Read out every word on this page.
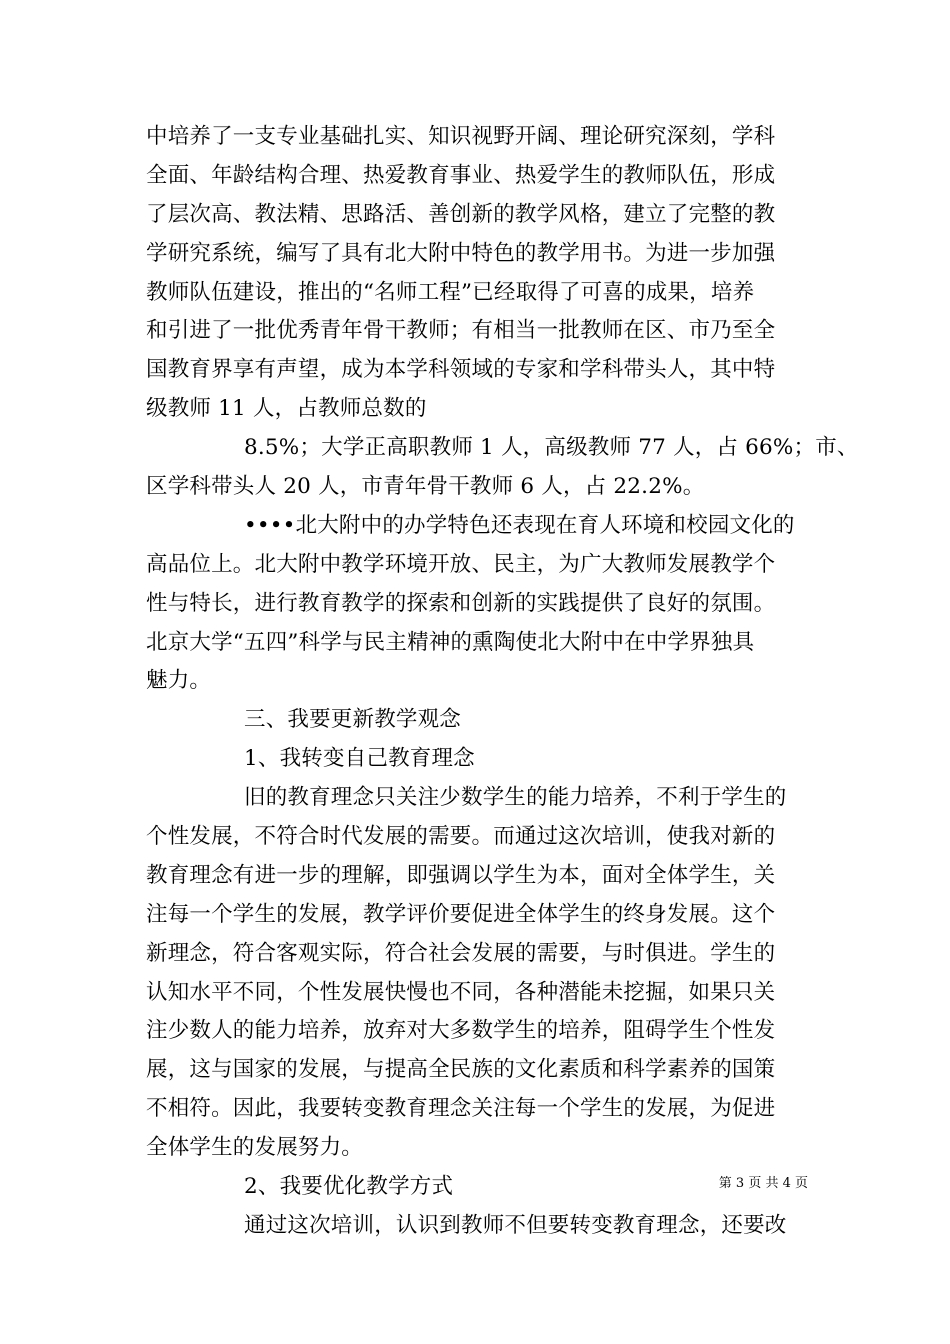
中培养了一支专业基础扎实、知识视野开阔、理论研究深刻，学科
全面、年龄结构合理、热爱教育事业、热爱学生的教师队伍，形成
了层次高、教法精、思路活、善创新的教学风格，建立了完整的教
学研究系统，编写了具有北大附中特色的教学用书。为进一步加强
教师队伍建设，推出的“名师工程”已经取得了可喜的成果，培养
和引进了一批优秀青年骨干教师；有相当一批教师在区、市乃至全
国教育界享有声望，成为本学科领域的专家和学科带头人，其中特
级教师 11 人，占教师总数的
8.5%；大学正高职教师 1 人，高级教师 77 人，占 66%；市、
区学科带头人 20 人，市青年骨干教师 6 人，占 22.2%。
••••北大附中的办学特色还表现在育人环境和校园文化的
高品位上。北大附中教学环境开放、民主，为广大教师发展教学个
性与特长，进行教育教学的探索和创新的实践提供了良好的氛围。
北京大学“五四”科学与民主精神的熏陶使北大附中在中学界独具
魅力。
三、我要更新教学观念
1、我转变自己教育理念
旧的教育理念只关注少数学生的能力培养，不利于学生的
个性发展，不符合时代发展的需要。而通过这次培训，使我对新的
教育理念有进一步的理解，即强调以学生为本，面对全体学生，关
注每一个学生的发展，教学评价要促进全体学生的终身发展。这个
新理念，符合客观实际，符合社会发展的需要，与时俱进。学生的
认知水平不同，个性发展快慢也不同，各种潜能未挖掘，如果只关
注少数人的能力培养，放弃对大多数学生的培养，阻碍学生个性发
展，这与国家的发展，与提高全民族的文化素质和科学素养的国策
不相符。因此，我要转变教育理念关注每一个学生的发展，为促进
全体学生的发展努力。
2、我要优化教学方式
通过这次培训，认识到教师不但要转变教育理念，还要改
第 3 页 共 4 页
